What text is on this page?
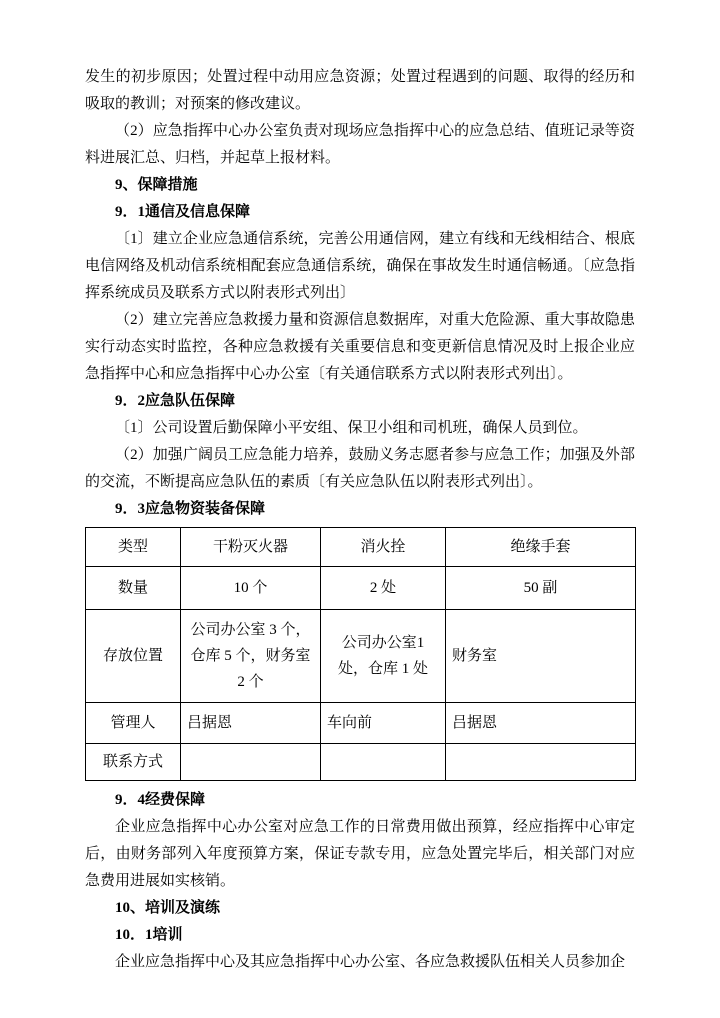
发生的初步原因；处置过程中动用应急资源；处置过程遇到的问题、取得的经历和吸取的教训；对预案的修改建议。

（2）应急指挥中心办公室负责对现场应急指挥中心的应急总结、值班记录等资料进展汇总、归档，并起草上报材料。

9、保障措施

9．1通信及信息保障

〔1〕建立企业应急通信系统，完善公用通信网，建立有线和无线相结合、根底电信网络及机动信系统相配套应急通信系统，确保在事故发生时通信畅通。〔应急指挥系统成员及联系方式以附表形式列出〕

（2）建立完善应急救援力量和资源信息数据库，对重大危险源、重大事故隐患实行动态实时监控，各种应急救援有关重要信息和变更新信息情况及时上报企业应急指挥中心和应急指挥中心办公室〔有关通信联系方式以附表形式列出〕。

9．2应急队伍保障

〔1〕公司设置后勤保障小平安组、保卫小组和司机班，确保人员到位。

（2）加强广阔员工应急能力培养，鼓励义务志愿者参与应急工作；加强及外部的交流，不断提高应急队伍的素质〔有关应急队伍以附表形式列出〕。

9．3应急物资装备保障

类型	干粉灭火器	消火拴	绝缘手套
数量	10 个	2 处	50 副
存放位置	公司办公室 3 个，仓库 5 个，财务室 2 个	公司办公室1处，仓库 1 处	财务室
管理人	吕据恩	车向前	吕据恩
联系方式			

9．4经费保障

企业应急指挥中心办公室对应急工作的日常费用做出预算，经应指挥中心审定后，由财务部列入年度预算方案，保证专款专用，应急处置完毕后，相关部门对应急费用进展如实核销。

10、培训及演练

10．1培训

企业应急指挥中心及其应急指挥中心办公室、各应急救援队伍相关人员参加企
